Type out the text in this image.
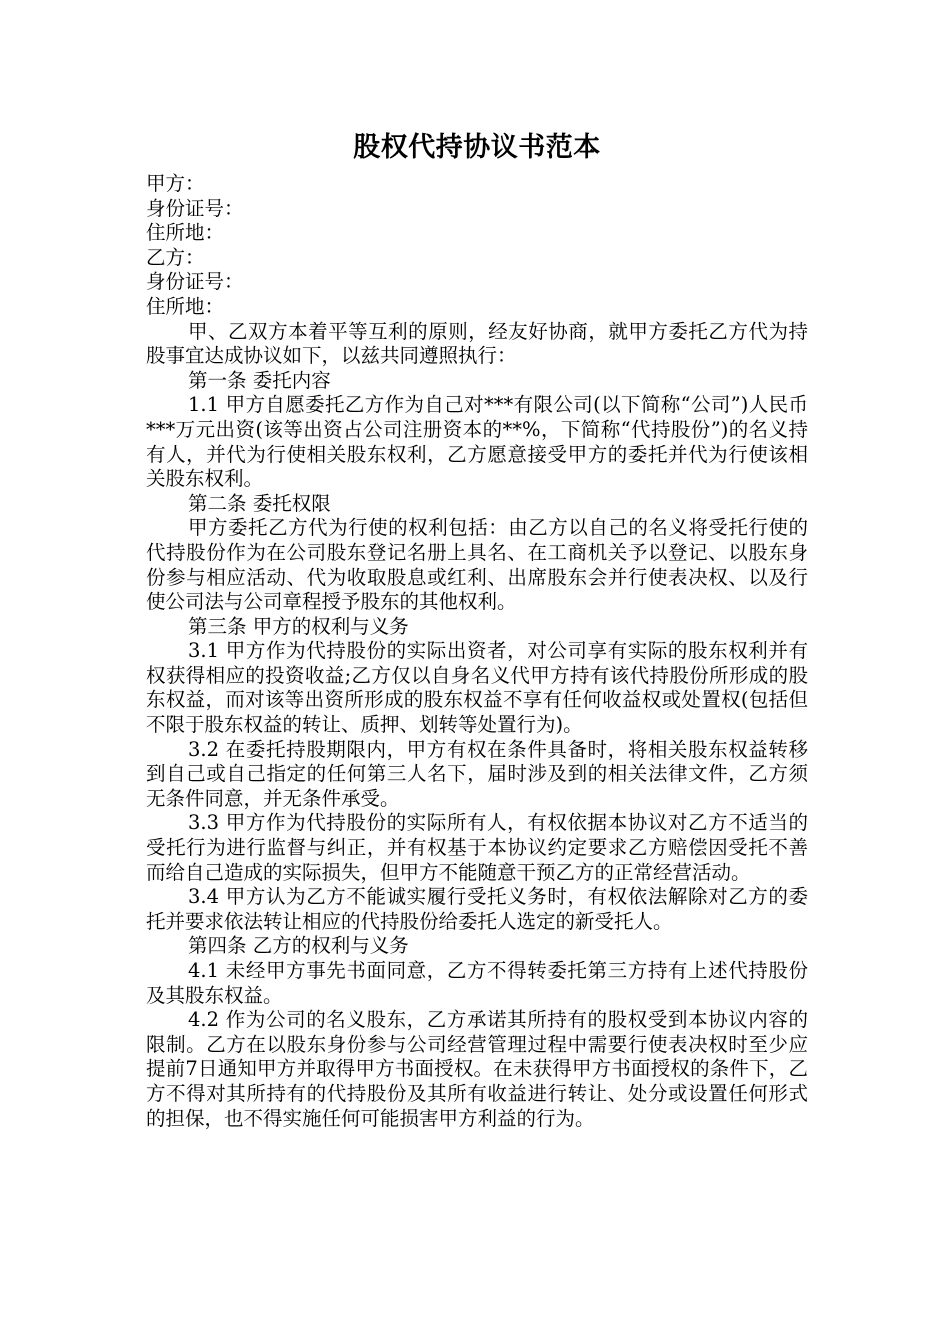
股权代持协议书范本

甲方：

身份证号：

住所地：

乙方：

身份证号：

住所地：

甲、乙双方本着平等互利的原则，经友好协商，就甲方委托乙方代为持股事宜达成协议如下，以兹共同遵照执行：

第一条 委托内容

1.1 甲方自愿委托乙方作为自己对***有限公司(以下简称“公司”)人民币***万元出资(该等出资占公司注册资本的**%，下简称“代持股份”)的名义持有人，并代为行使相关股东权利，乙方愿意接受甲方的委托并代为行使该相关股东权利。

第二条 委托权限

甲方委托乙方代为行使的权利包括：由乙方以自己的名义将受托行使的代持股份作为在公司股东登记名册上具名、在工商机关予以登记、以股东身份参与相应活动、代为收取股息或红利、出席股东会并行使表决权、以及行使公司法与公司章程授予股东的其他权利。

第三条 甲方的权利与义务

3.1 甲方作为代持股份的实际出资者，对公司享有实际的股东权利并有权获得相应的投资收益;乙方仅以自身名义代甲方持有该代持股份所形成的股东权益，而对该等出资所形成的股东权益不享有任何收益权或处置权(包括但不限于股东权益的转让、质押、划转等处置行为)。

3.2 在委托持股期限内，甲方有权在条件具备时，将相关股东权益转移到自己或自己指定的任何第三人名下，届时涉及到的相关法律文件，乙方须无条件同意，并无条件承受。

3.3 甲方作为代持股份的实际所有人，有权依据本协议对乙方不适当的受托行为进行监督与纠正，并有权基于本协议约定要求乙方赔偿因受托不善而给自己造成的实际损失，但甲方不能随意干预乙方的正常经营活动。

3.4 甲方认为乙方不能诚实履行受托义务时，有权依法解除对乙方的委托并要求依法转让相应的代持股份给委托人选定的新受托人。

第四条 乙方的权利与义务

4.1 未经甲方事先书面同意，乙方不得转委托第三方持有上述代持股份及其股东权益。

4.2 作为公司的名义股东，乙方承诺其所持有的股权受到本协议内容的限制。乙方在以股东身份参与公司经营管理过程中需要行使表决权时至少应提前7日通知甲方并取得甲方书面授权。在未获得甲方书面授权的条件下，乙方不得对其所持有的代持股份及其所有收益进行转让、处分或设置任何形式的担保，也不得实施任何可能损害甲方利益的行为。
